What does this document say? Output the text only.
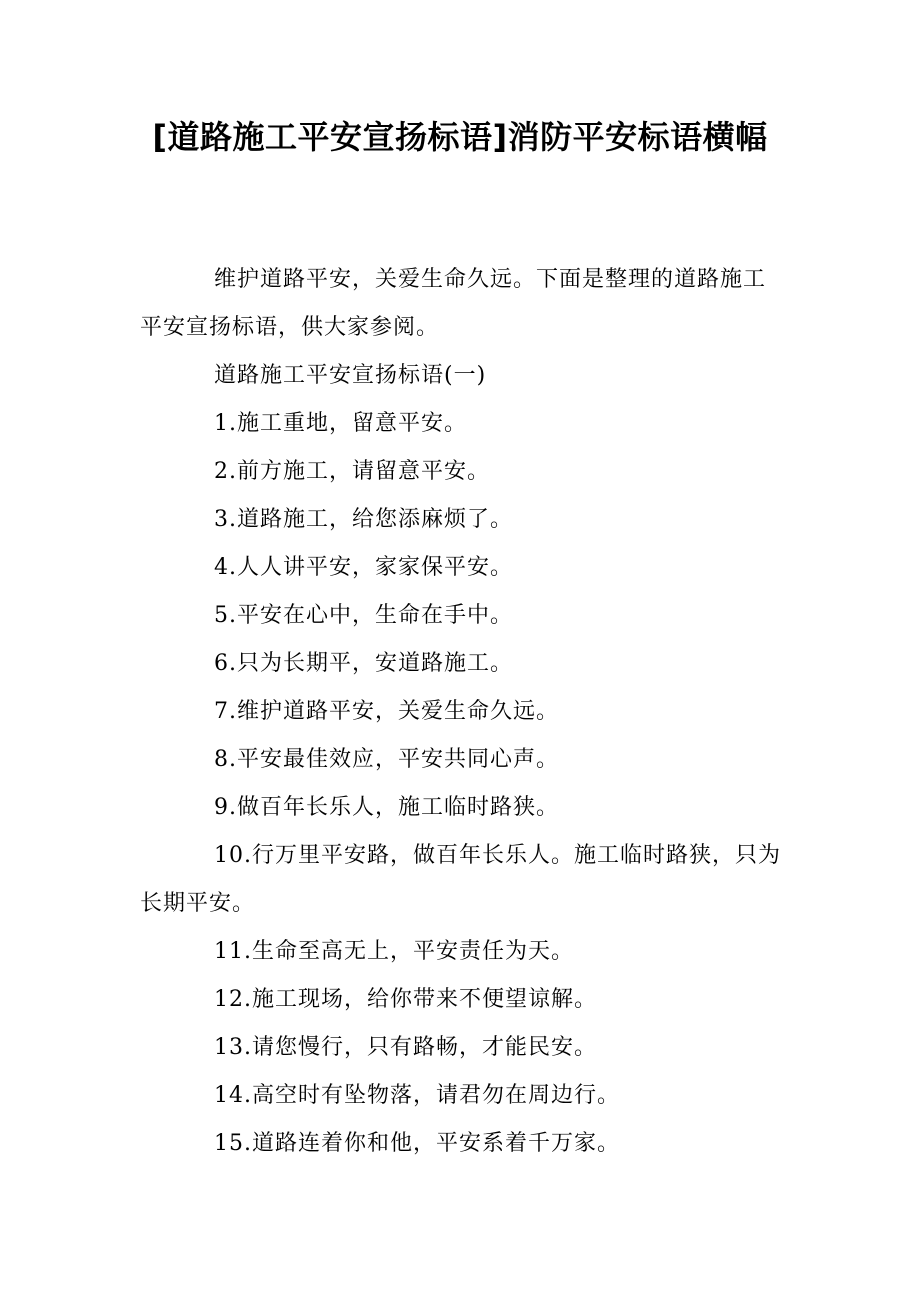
[道路施工平安宣扬标语]消防平安标语横幅

维护道路平安，关爱生命久远。下面是整理的道路施工平安宣扬标语，供大家参阅。

道路施工平安宣扬标语(一)

1.施工重地，留意平安。

2.前方施工，请留意平安。

3.道路施工，给您添麻烦了。

4.人人讲平安，家家保平安。

5.平安在心中，生命在手中。

6.只为长期平，安道路施工。

7.维护道路平安，关爱生命久远。

8.平安最佳效应，平安共同心声。

9.做百年长乐人，施工临时路狭。

10.行万里平安路，做百年长乐人。施工临时路狭，只为长期平安。

11.生命至高无上，平安责任为天。

12.施工现场，给你带来不便望谅解。

13.请您慢行，只有路畅，才能民安。

14.高空时有坠物落，请君勿在周边行。

15.道路连着你和他，平安系着千万家。
